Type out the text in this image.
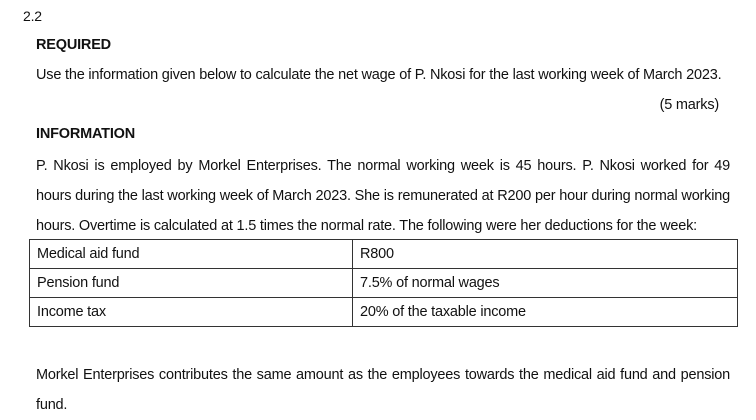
2.2
REQUIRED
Use the information given below to calculate the net wage of P. Nkosi for the last working week of March 2023.
(5 marks)
INFORMATION
P. Nkosi is employed by Morkel Enterprises. The normal working week is 45 hours. P. Nkosi worked for 49 hours during the last working week of March 2023. She is remunerated at R200 per hour during normal working hours. Overtime is calculated at 1.5 times the normal rate. The following were her deductions for the week:
Medical aid fund	R800
Pension fund	7.5% of normal wages
Income tax	20% of the taxable income
Morkel Enterprises contributes the same amount as the employees towards the medical aid fund and pension fund.
